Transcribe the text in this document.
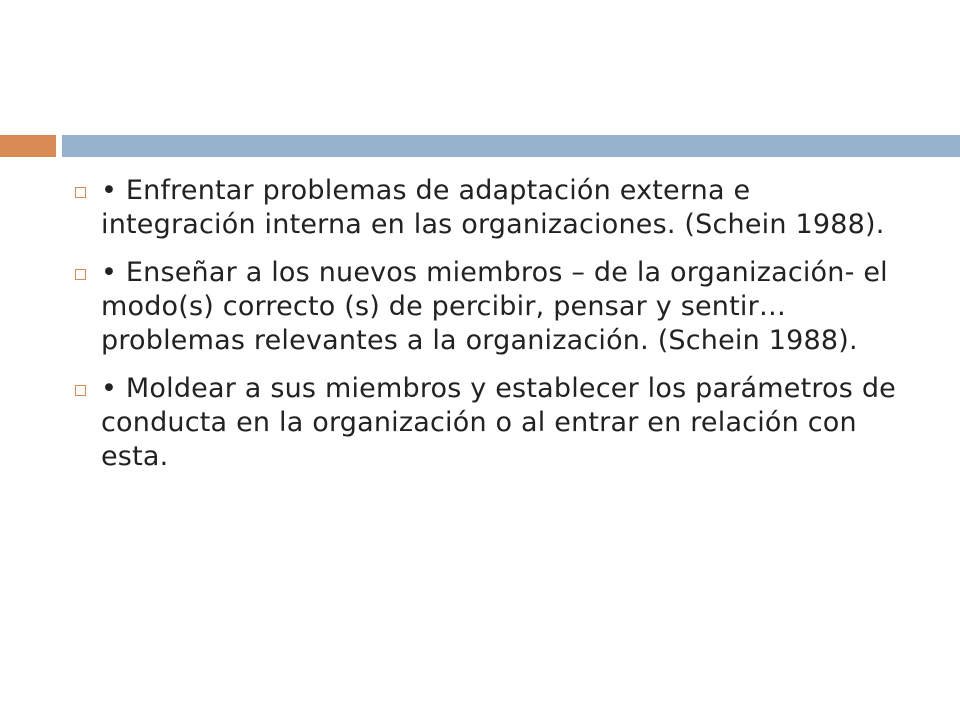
• Enfrentar problemas de adaptación externa e integración interna en las organizaciones. (Schein 1988).
• Enseñar a los nuevos miembros – de la organización- el modo(s) correcto (s) de percibir, pensar y sentir… problemas relevantes a la organización. (Schein 1988).
• Moldear a sus miembros y establecer los parámetros de conducta en la organización o al entrar en relación con esta.
